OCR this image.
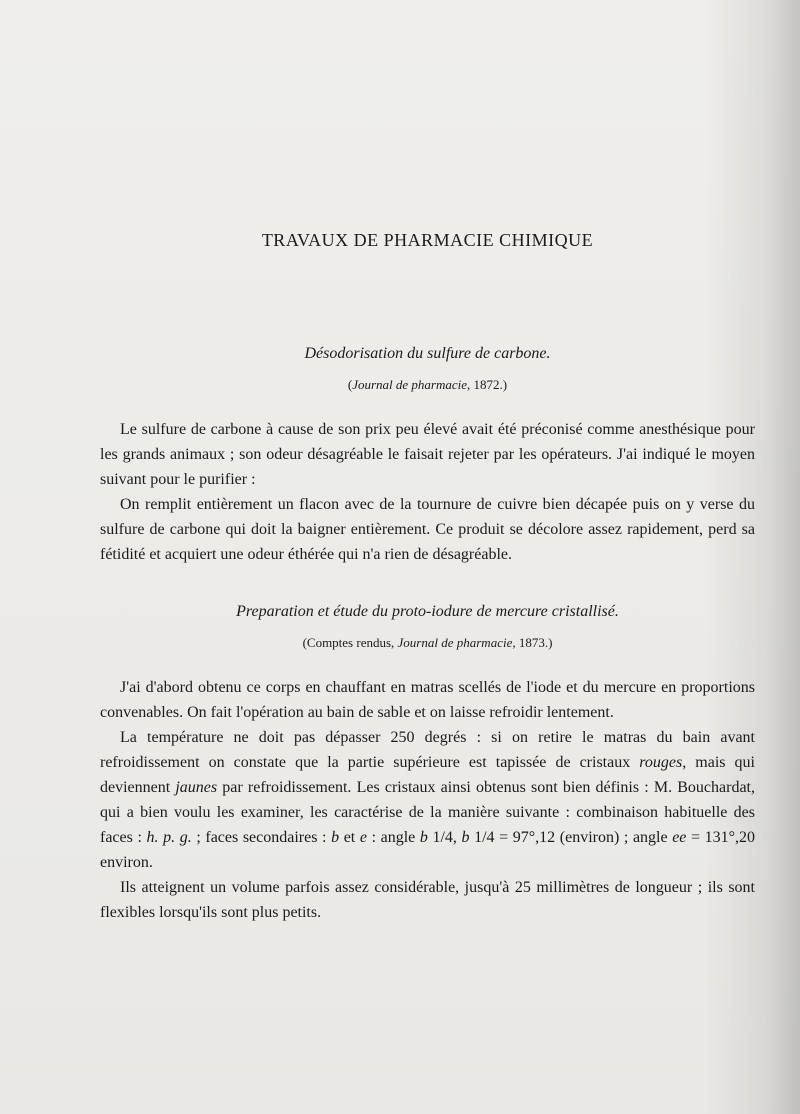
TRAVAUX DE PHARMACIE CHIMIQUE
Désodorisation du sulfure de carbone.
(Journal de pharmacie, 1872.)

Le sulfure de carbone à cause de son prix peu élevé avait été préconisé comme anesthésique pour les grands animaux ; son odeur désagréable le faisait rejeter par les opérateurs. J'ai indiqué le moyen suivant pour le purifier :

On remplit entièrement un flacon avec de la tournure de cuivre bien décapée puis on y verse du sulfure de carbone qui doit la baigner entièrement. Ce produit se décolore assez rapidement, perd sa fétidité et acquiert une odeur éthérée qui n'a rien de désagréable.

Preparation et étude du proto-iodure de mercure cristallisé.
(Comptes rendus, Journal de pharmacie, 1873.)

J'ai d'abord obtenu ce corps en chauffant en matras scellés de l'iode et du mercure en proportions convenables. On fait l'opération au bain de sable et on laisse refroidir lentement.

La température ne doit pas dépasser 250 degrés : si on retire le matras du bain avant refroidissement on constate que la partie supérieure est tapissée de cristaux rouges, mais qui deviennent jaunes par refroidissement. Les cristaux ainsi obtenus sont bien définis : M. Bouchardat, qui a bien voulu les examiner, les caractérise de la manière suivante : combinaison habituelle des faces : h. p. g. ; faces secondaires : b et e : angle b 1/4, b 1/4 = 97°,12 (environ) ; angle ee = 131°,20 environ.

Ils atteignent un volume parfois assez considérable, jusqu'à 25 millimètres de longueur ; ils sont flexibles lorsqu'ils sont plus petits.
